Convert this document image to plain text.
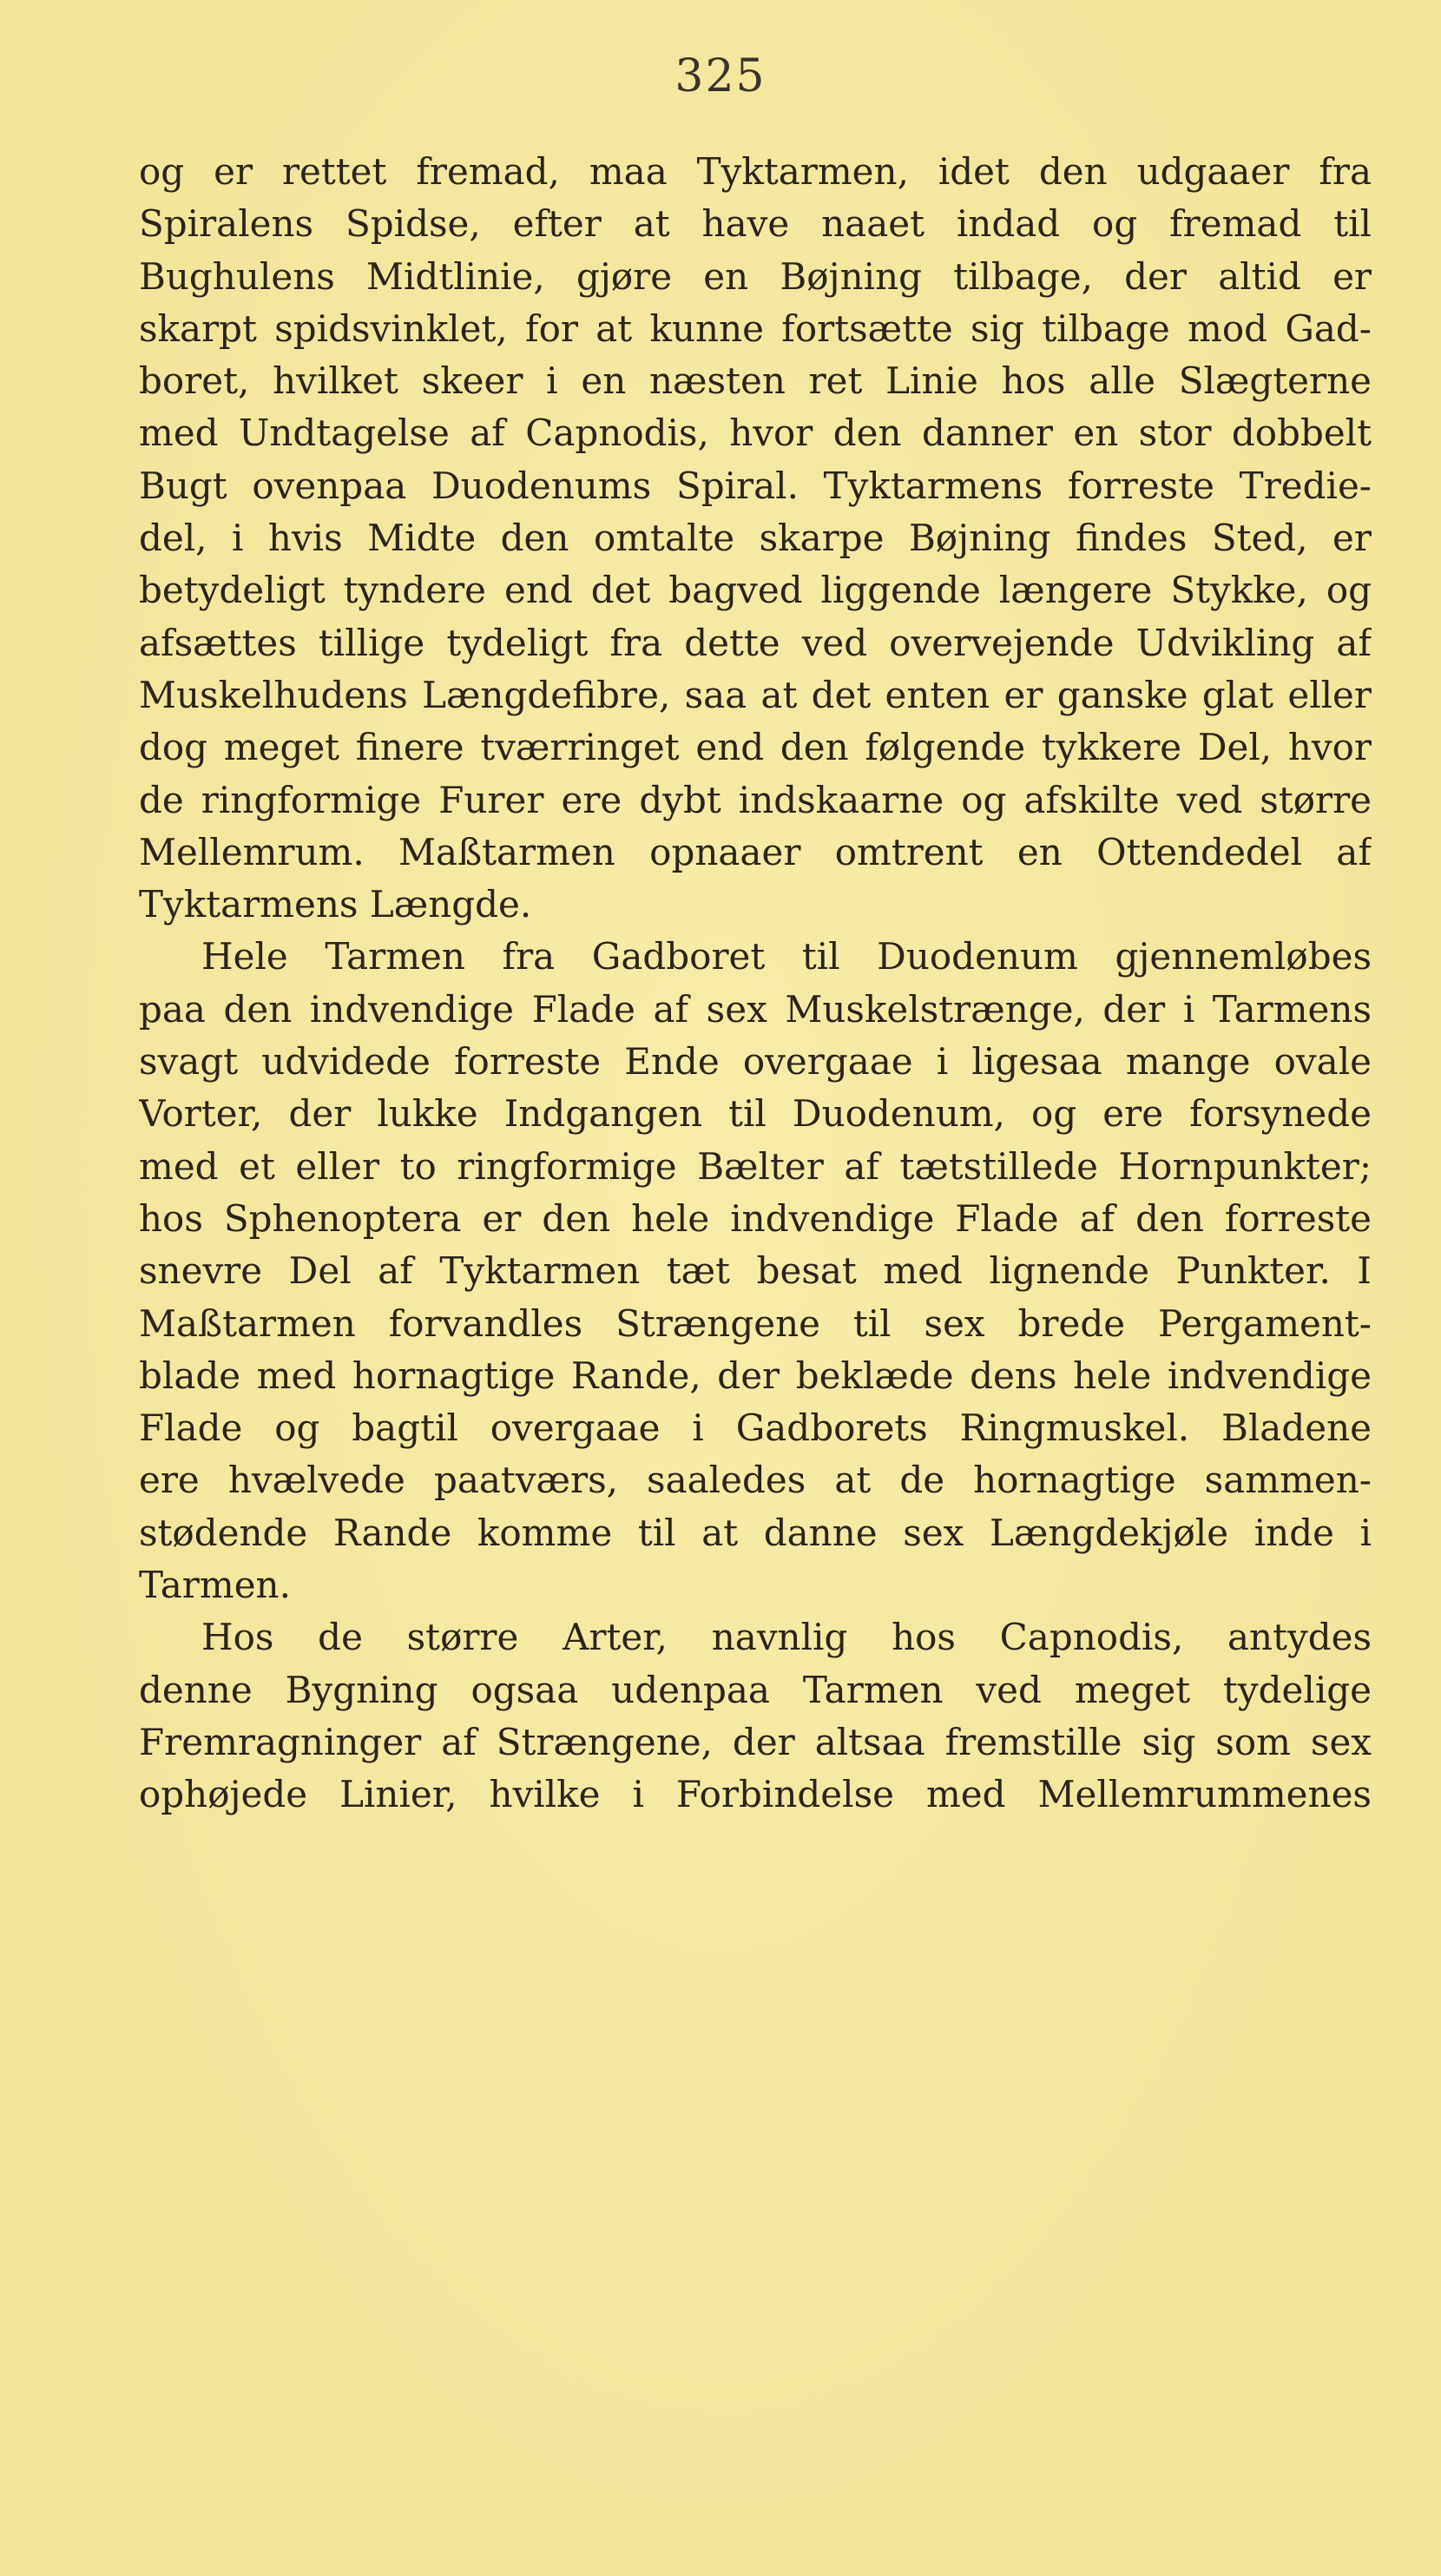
325
og er rettet fremad, maa Tyktarmen, idet den udgaaer fra
Spiralens Spidse, efter at have naaet indad og fremad til
Bughulens Midtlinie, gjøre en Bøjning tilbage, der altid er
skarpt spidsvinklet, for at kunne fortsætte sig tilbage mod Gad-
boret, hvilket skeer i en næsten ret Linie hos alle Slægterne
med Undtagelse af Capnodis, hvor den danner en stor dobbelt
Bugt ovenpaa Duodenums Spiral. Tyktarmens forreste Tredie-
del, i hvis Midte den omtalte skarpe Bøjning findes Sted, er
betydeligt tyndere end det bagved liggende længere Stykke, og
afsættes tillige tydeligt fra dette ved overvejende Udvikling af
Muskelhudens Længdefibre, saa at det enten er ganske glat eller
dog meget finere tværringet end den følgende tykkere Del, hvor
de ringformige Furer ere dybt indskaarne og afskilte ved større
Mellemrum. Maßtarmen opnaaer omtrent en Ottendedel af
Tyktarmens Længde.
Hele Tarmen fra Gadboret til Duodenum gjennemløbes
paa den indvendige Flade af sex Muskelstrænge, der i Tarmens
svagt udvidede forreste Ende overgaae i ligesaa mange ovale
Vorter, der lukke Indgangen til Duodenum, og ere forsynede
med et eller to ringformige Bælter af tætstillede Hornpunkter;
hos Sphenoptera er den hele indvendige Flade af den forreste
snevre Del af Tyktarmen tæt besat med lignende Punkter. I
Maßtarmen forvandles Strængene til sex brede Pergament-
blade med hornagtige Rande, der beklæde dens hele indvendige
Flade og bagtil overgaae i Gadborets Ringmuskel. Bladene
ere hvælvede paatværs, saaledes at de hornagtige sammen-
stødende Rande komme til at danne sex Længdekjøle inde i
Tarmen.
Hos de større Arter, navnlig hos Capnodis, antydes
denne Bygning ogsaa udenpaa Tarmen ved meget tydelige
Fremragninger af Strængene, der altsaa fremstille sig som sex
ophøjede Linier, hvilke i Forbindelse med Mellemrummenes
